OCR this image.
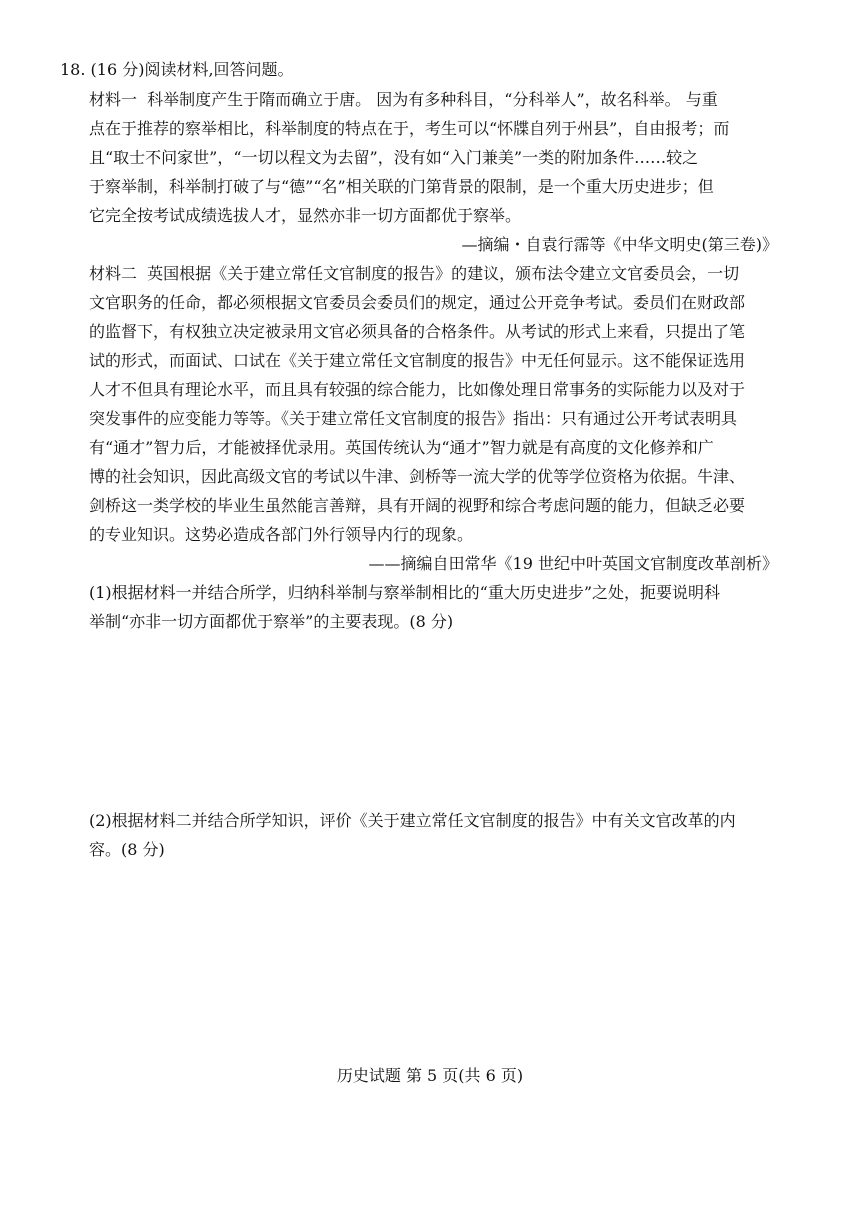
18. (16 分)阅读材料,回答问题。
材料一  科举制度产生于隋而确立于唐。 因为有多种科目，“分科举人”，故名科举。 与重
点在于推荐的察举相比，科举制度的特点在于，考生可以“怀牒自列于州县”，自由报考；而
且“取士不问家世”，“一切以程文为去留”，没有如“入门兼美”一类的附加条件……较之
于察举制，科举制打破了与“德”“名”相关联的门第背景的限制，是一个重大历史进步；但
它完全按考试成绩选拔人才，显然亦非一切方面都优于察举。
—摘编・自袁行霈等《中华文明史(第三卷)》
材料二  英国根据《关于建立常任文官制度的报告》的建议，颁布法令建立文官委员会，一切
文官职务的任命，都必须根据文官委员会委员们的规定，通过公开竞争考试。委员们在财政部
的监督下，有权独立决定被录用文官必须具备的合格条件。从考试的形式上来看，只提出了笔
试的形式，而面试、口试在《关于建立常任文官制度的报告》中无任何显示。这不能保证选用
人才不但具有理论水平，而且具有较强的综合能力，比如像处理日常事务的实际能力以及对于
突发事件的应变能力等等。《关于建立常任文官制度的报告》指出：只有通过公开考试表明具
有“通才”智力后，才能被择优录用。英国传统认为“通才”智力就是有高度的文化修养和广
博的社会知识，因此高级文官的考试以牛津、剑桥等一流大学的优等学位资格为依据。牛津、
剑桥这一类学校的毕业生虽然能言善辩，具有开阔的视野和综合考虑问题的能力，但缺乏必要
的专业知识。这势必造成各部门外行领导内行的现象。
——摘编自田常华《19 世纪中叶英国文官制度改革剖析》
(1)根据材料一并结合所学，归纳科举制与察举制相比的“重大历史进步”之处，扼要说明科
举制“亦非一切方面都优于察举”的主要表现。(8 分)
(2)根据材料二并结合所学知识，评价《关于建立常任文官制度的报告》中有关文官改革的内
容。(8 分)
历史试题 第 5 页(共 6 页)
